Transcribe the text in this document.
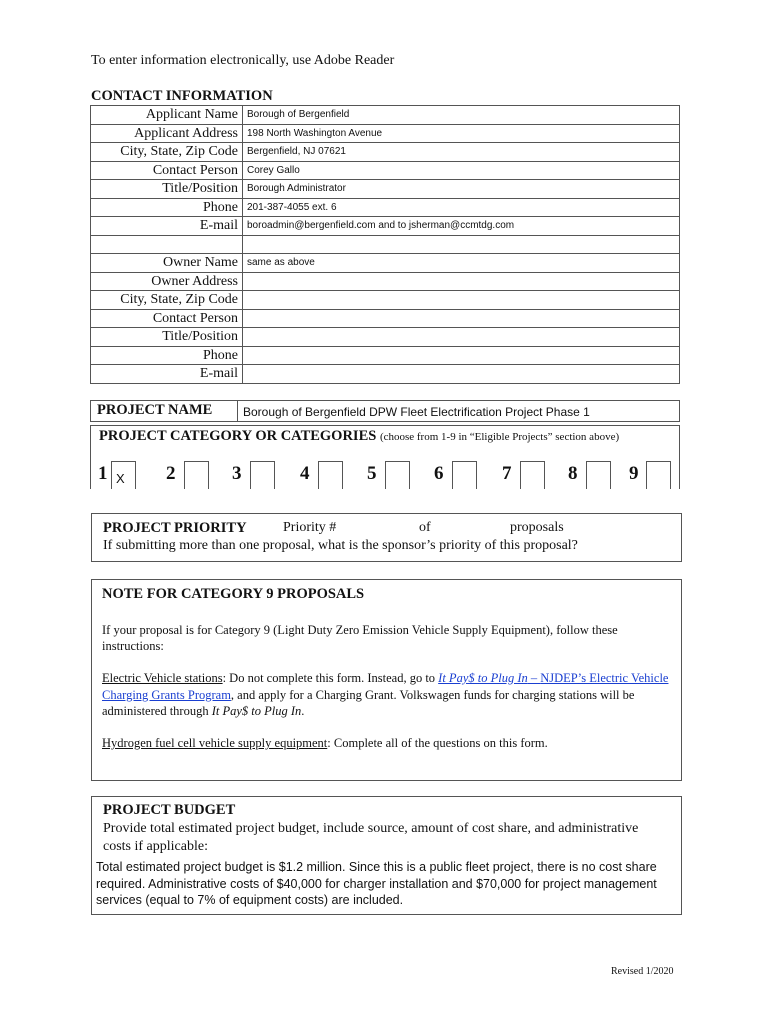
To enter information electronically, use Adobe Reader
CONTACT INFORMATION
Applicant Name	Borough of Bergenfield
Applicant Address	198 North Washington Avenue
City, State, Zip Code	Bergenfield, NJ 07621
Contact Person	Corey Gallo
Title/Position	Borough Administrator
Phone	201-387-4055 ext. 6
E-mail	boroadmin@bergenfield.com and to jsherman@ccmtdg.com

Owner Name	same as above
Owner Address	
City, State, Zip Code	
Contact Person	
Title/Position	
Phone	
E-mail	
PROJECT NAME	Borough of Bergenfield DPW Fleet Electrification Project Phase 1
PROJECT CATEGORY OR CATEGORIES (choose from 1-9 in “Eligible Projects” section above)
1 X	2	3	4	5	6	7	8	9
PROJECT PRIORITY	Priority #	of	proposals
If submitting more than one proposal, what is the sponsor’s priority of this proposal?
NOTE FOR CATEGORY 9 PROPOSALS
If your proposal is for Category 9 (Light Duty Zero Emission Vehicle Supply Equipment), follow these instructions:
Electric Vehicle stations: Do not complete this form. Instead, go to It Pay$ to Plug In – NJDEP’s Electric Vehicle Charging Grants Program, and apply for a Charging Grant. Volkswagen funds for charging stations will be administered through It Pay$ to Plug In.
Hydrogen fuel cell vehicle supply equipment: Complete all of the questions on this form.
PROJECT BUDGET
Provide total estimated project budget, include source, amount of cost share, and administrative costs if applicable:
Total estimated project budget is $1.2 million. Since this is a public fleet project, there is no cost share required. Administrative costs of $40,000 for charger installation and $70,000 for project management services (equal to 7% of equipment costs) are included.
Revised 1/2020
